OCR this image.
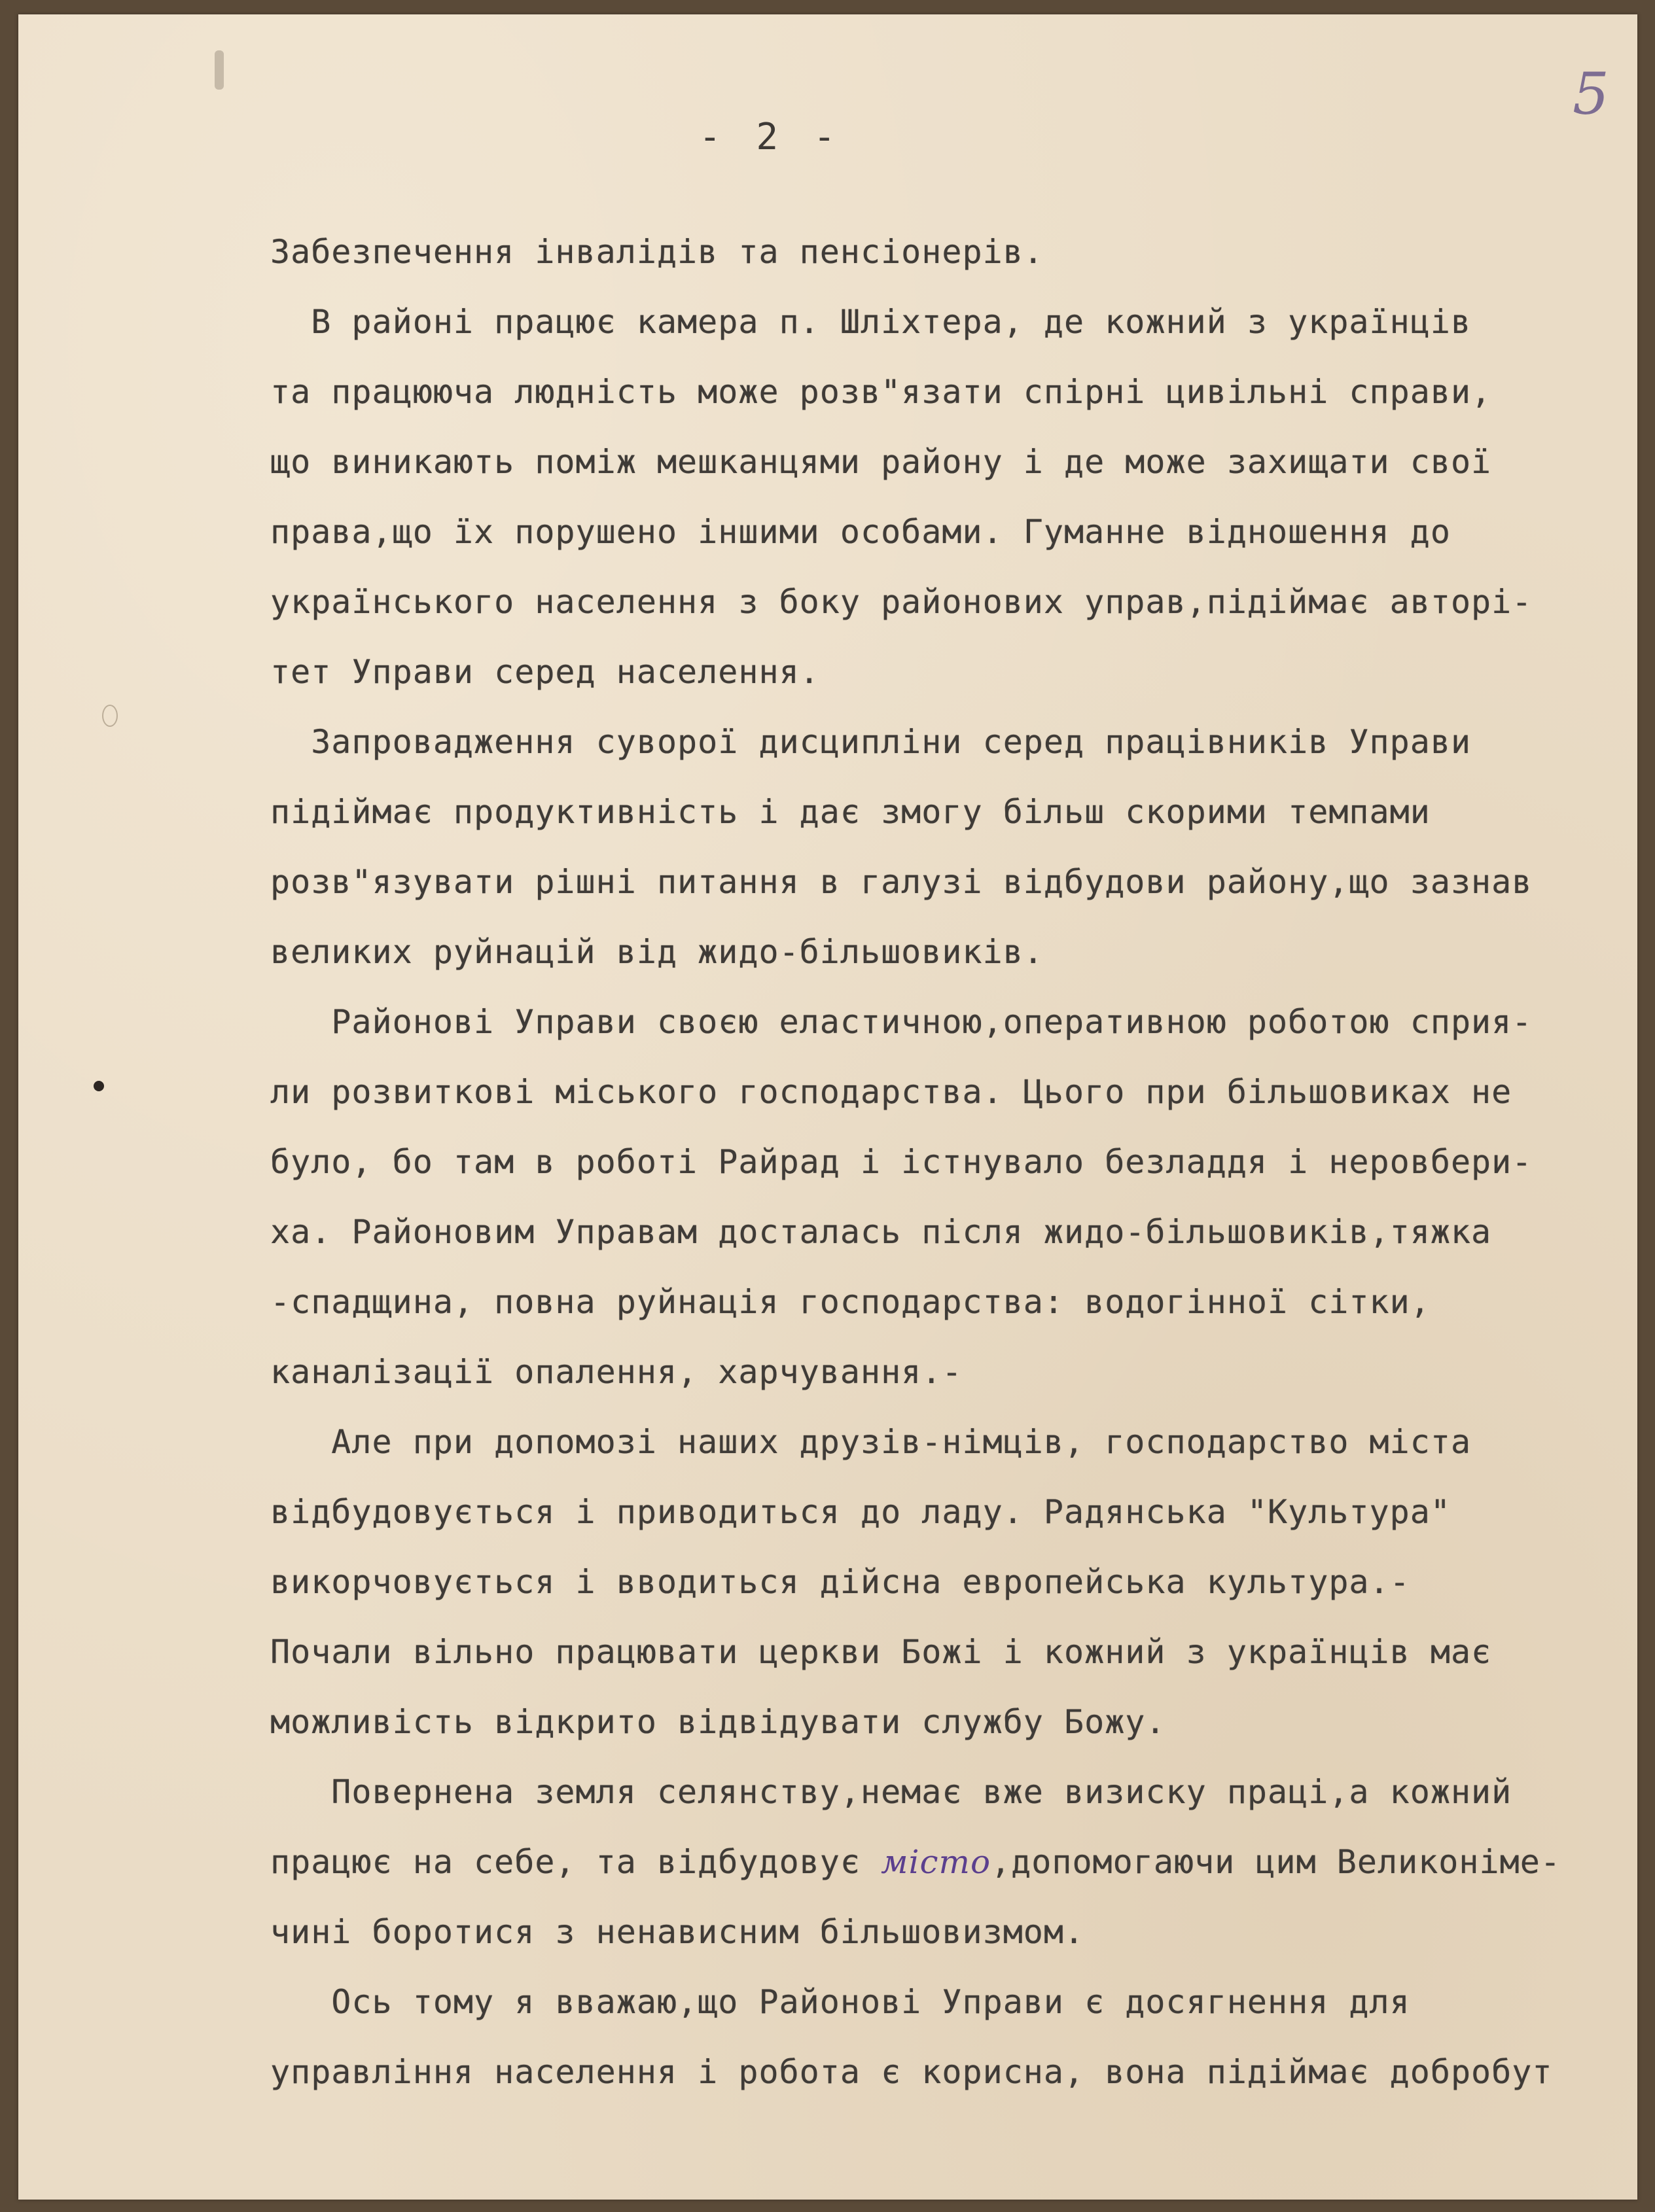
5
- 2 -
Забезпечення інвалідів та пенсіонерів.
В районі працює камера п. Шліхтера, де кожний з українців
та працююча людність може розв"язати спірні цивільні справи,
що виникають поміж мешканцями району і де може захищати свої
права,що їх порушено іншими особами. Гуманне відношення до
українського населення з боку районових управ,підіймає авторі-
тет Управи серед населення.
Запровадження суворої дисципліни серед працівників Управи
підіймає продуктивність і дає змогу більш скорими темпами
розв"язувати рішні питання в галузі відбудови району,що зазнав
великих руйнацій від жидо-більшовиків.
Районові Управи своєю еластичною,оперативною роботою сприя-
ли розвиткові міського господарства. Цього при більшовиках не
було, бо там в роботі Райрад і істнувало безладдя і неровбери-
ха. Районовим Управам досталась після жидо-більшовиків,тяжка
-спадщина, повна руйнація господарства: водогінної сітки,
каналізації опалення, харчування.-
Але при допомозі наших друзів-німців, господарство міста
відбудовується і приводиться до ладу. Радянська "Культура"
викорчовується і вводиться дійсна европейська культура.-
Почали вільно працювати церкви Божі і кожний з українців має
можливість відкрито відвідувати службу Божу.
Повернена земля селянству,немає вже визиску праці,а кожний
працює на себе, та відбудовує місто,допомогаючи цим Великоніме-
чині боротися з ненависним більшовизмом.
Ось тому я вважаю,що Районові Управи є досягнення для
управління населення і робота є корисна, вона підіймає добробут
